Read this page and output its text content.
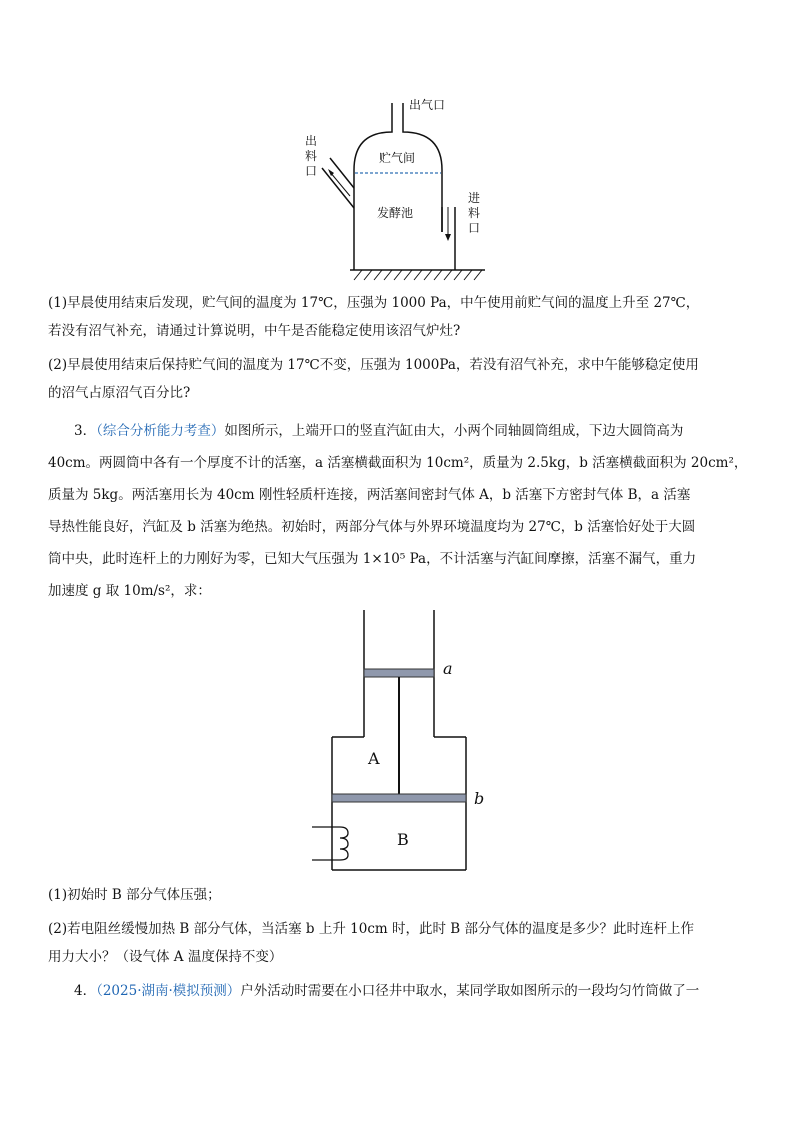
出气口
贮气间
发酵池
出
料
口
进
料
口

(1)早晨使用结束后发现，贮气间的温度为 17℃，压强为 1000 Pa，中午使用前贮气间的温度上升至 27℃，

若没有沼气补充，请通过计算说明，中午是否能稳定使用该沼气炉灶?

(2)早晨使用结束后保持贮气间的温度为 17℃不变，压强为 1000Pa，若没有沼气补充，求中午能够稳定使用

的沼气占原沼气百分比?

3．（综合分析能力考查）如图所示，上端开口的竖直汽缸由大，小两个同轴圆筒组成，下边大圆筒高为

40cm。两圆筒中各有一个厚度不计的活塞，a 活塞横截面积为 10cm²，质量为 2.5kg，b 活塞横截面积为 20cm²，

质量为 5kg。两活塞用长为 40cm 刚性轻质杆连接，两活塞间密封气体 A，b 活塞下方密封气体 B，a 活塞

导热性能良好，汽缸及 b 活塞为绝热。初始时，两部分气体与外界环境温度均为 27℃，b 活塞恰好处于大圆

筒中央，此时连杆上的力刚好为零，已知大气压强为 1×10⁵ Pa，不计活塞与汽缸间摩擦，活塞不漏气，重力

加速度 g 取 10m/s²，求：

a
b
A
B

(1)初始时 B 部分气体压强；

(2)若电阻丝缓慢加热 B 部分气体，当活塞 b 上升 10cm 时，此时 B 部分气体的温度是多少？此时连杆上作

用力大小？（设气体 A 温度保持不变）

4．（2025·湖南·模拟预测）户外活动时需要在小口径井中取水，某同学取如图所示的一段均匀竹筒做了一
